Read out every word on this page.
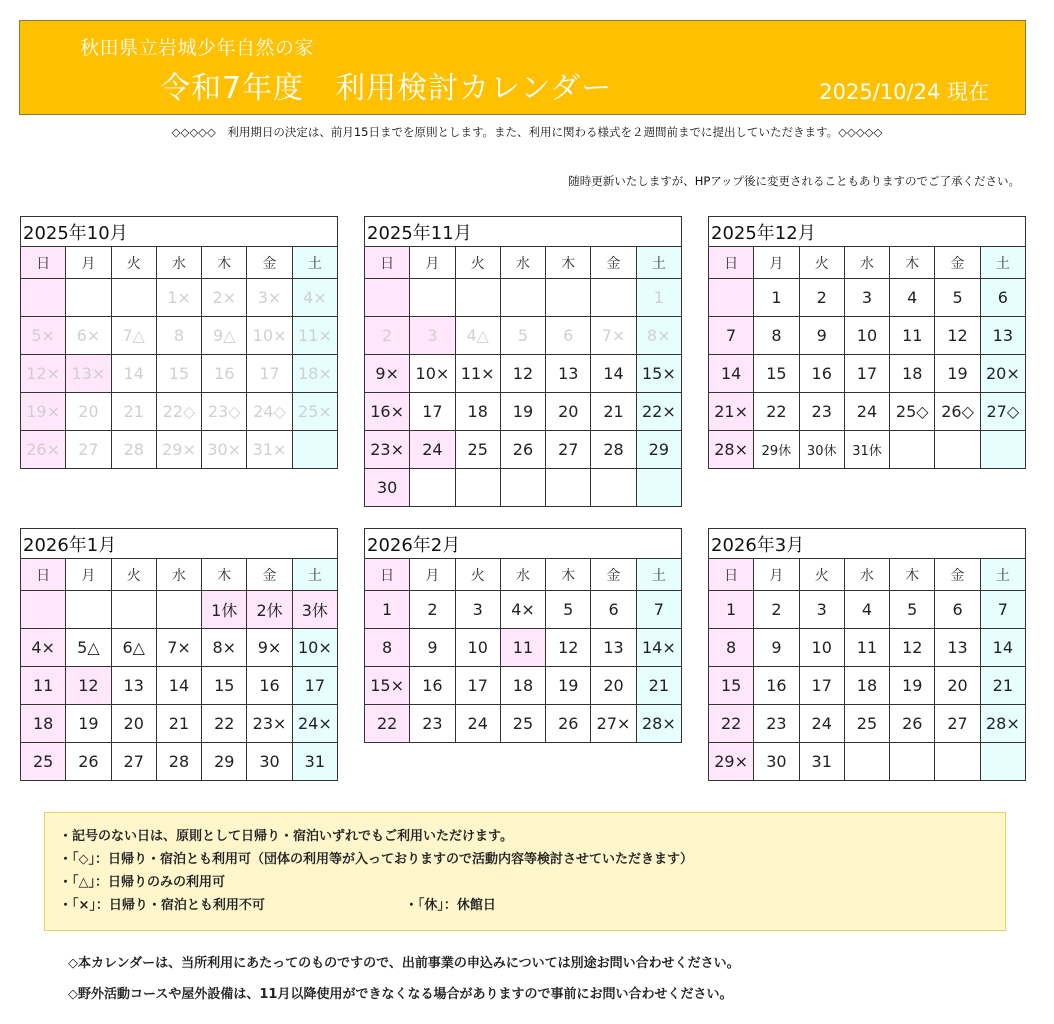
秋田県立岩城少年自然の家
令和7年度　利用検討カレンダー	2025/10/24 現在
◇◇◇◇◇　利用期日の決定は、前月15日までを原則とします。また、利用に関わる様式を２週間前までに提出していただきます。◇◇◇◇◇
随時更新いたしますが、HPアップ後に変更されることもありますのでご了承ください。
2025年10月						
日	月	火	水	木	金	土
			1×	2×	3×	4×
5×	6×	7△	8	9△	10×	11×
12×	13×	14	15	16	17	18×
19×	20	21	22◇	23◇	24◇	25×
26×	27	28	29×	30×	31×	
2025年11月						
日	月	火	水	木	金	土
						1
2	3	4△	5	6	7×	8×
9×	10×	11×	12	13	14	15×
16×	17	18	19	20	21	22×
23×	24	25	26	27	28	29
30						
2025年12月						
日	月	火	水	木	金	土
	1	2	3	4	5	6
7	8	9	10	11	12	13
14	15	16	17	18	19	20×
21×	22	23	24	25◇	26◇	27◇
28×	29休	30休	31休			
2026年1月						
日	月	火	水	木	金	土
				1休	2休	3休
4×	5△	6△	7×	8×	9×	10×
11	12	13	14	15	16	17
18	19	20	21	22	23×	24×
25	26	27	28	29	30	31
2026年2月						
日	月	火	水	木	金	土
1	2	3	4×	5	6	7
8	9	10	11	12	13	14×
15×	16	17	18	19	20	21
22	23	24	25	26	27×	28×
2026年3月						
日	月	火	水	木	金	土
1	2	3	4	5	6	7
8	9	10	11	12	13	14
15	16	17	18	19	20	21
22	23	24	25	26	27	28×
29×	30	31				
・記号のない日は、原則として日帰り・宿泊いずれでもご利用いただけます。
・「◇」：日帰り・宿泊とも利用可（団体の利用等が入っておりますので活動内容等検討させていただきます）
・「△」：日帰りのみの利用可
・「×」：日帰り・宿泊とも利用不可	・「休」：休館日
◇本カレンダーは、当所利用にあたってのものですので、出前事業の申込みについては別途お問い合わせください。
◇野外活動コースや屋外設備は、11月以降使用ができなくなる場合がありますので事前にお問い合わせください。
